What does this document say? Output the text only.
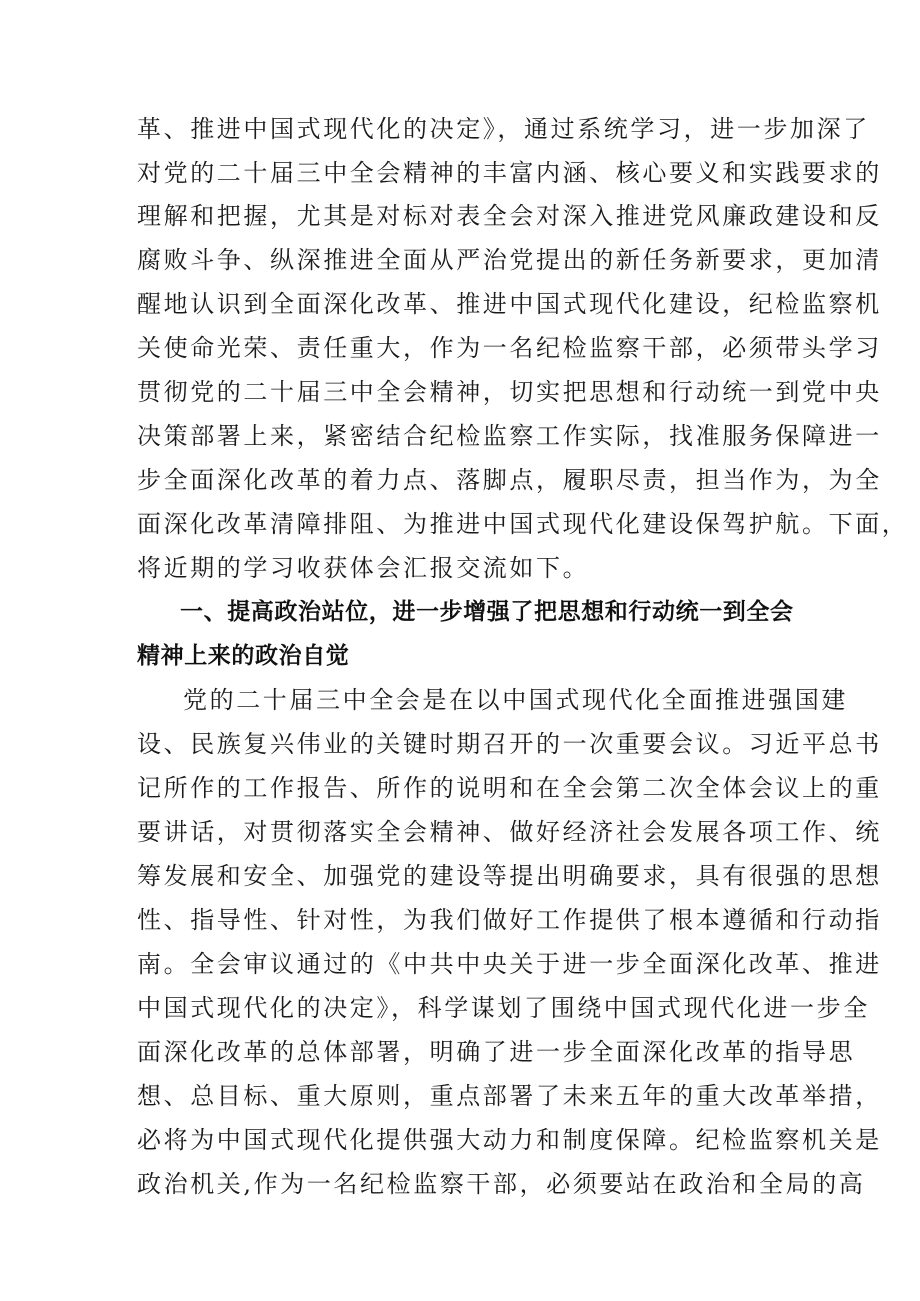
革、推进中国式现代化的决定》，通过系统学习，进一步加深了
对党的二十届三中全会精神的丰富内涵、核心要义和实践要求的
理解和把握，尤其是对标对表全会对深入推进党风廉政建设和反
腐败斗争、纵深推进全面从严治党提出的新任务新要求，更加清
醒地认识到全面深化改革、推进中国式现代化建设，纪检监察机
关使命光荣、责任重大，作为一名纪检监察干部，必须带头学习
贯彻党的二十届三中全会精神，切实把思想和行动统一到党中央
决策部署上来，紧密结合纪检监察工作实际，找准服务保障进一
步全面深化改革的着力点、落脚点，履职尽责，担当作为，为全
面深化改革清障排阻、为推进中国式现代化建设保驾护航。下面，
将近期的学习收获体会汇报交流如下。
一、提高政治站位，进一步增强了把思想和行动统一到全会
精神上来的政治自觉
党的二十届三中全会是在以中国式现代化全面推进强国建
设、民族复兴伟业的关键时期召开的一次重要会议。习近平总书
记所作的工作报告、所作的说明和在全会第二次全体会议上的重
要讲话，对贯彻落实全会精神、做好经济社会发展各项工作、统
筹发展和安全、加强党的建设等提出明确要求，具有很强的思想
性、指导性、针对性，为我们做好工作提供了根本遵循和行动指
南。全会审议通过的《中共中央关于进一步全面深化改革、推进
中国式现代化的决定》，科学谋划了围绕中国式现代化进一步全
面深化改革的总体部署，明确了进一步全面深化改革的指导思
想、总目标、重大原则，重点部署了未来五年的重大改革举措，
必将为中国式现代化提供强大动力和制度保障。纪检监察机关是
政治机关,作为一名纪检监察干部，必须要站在政治和全局的高
